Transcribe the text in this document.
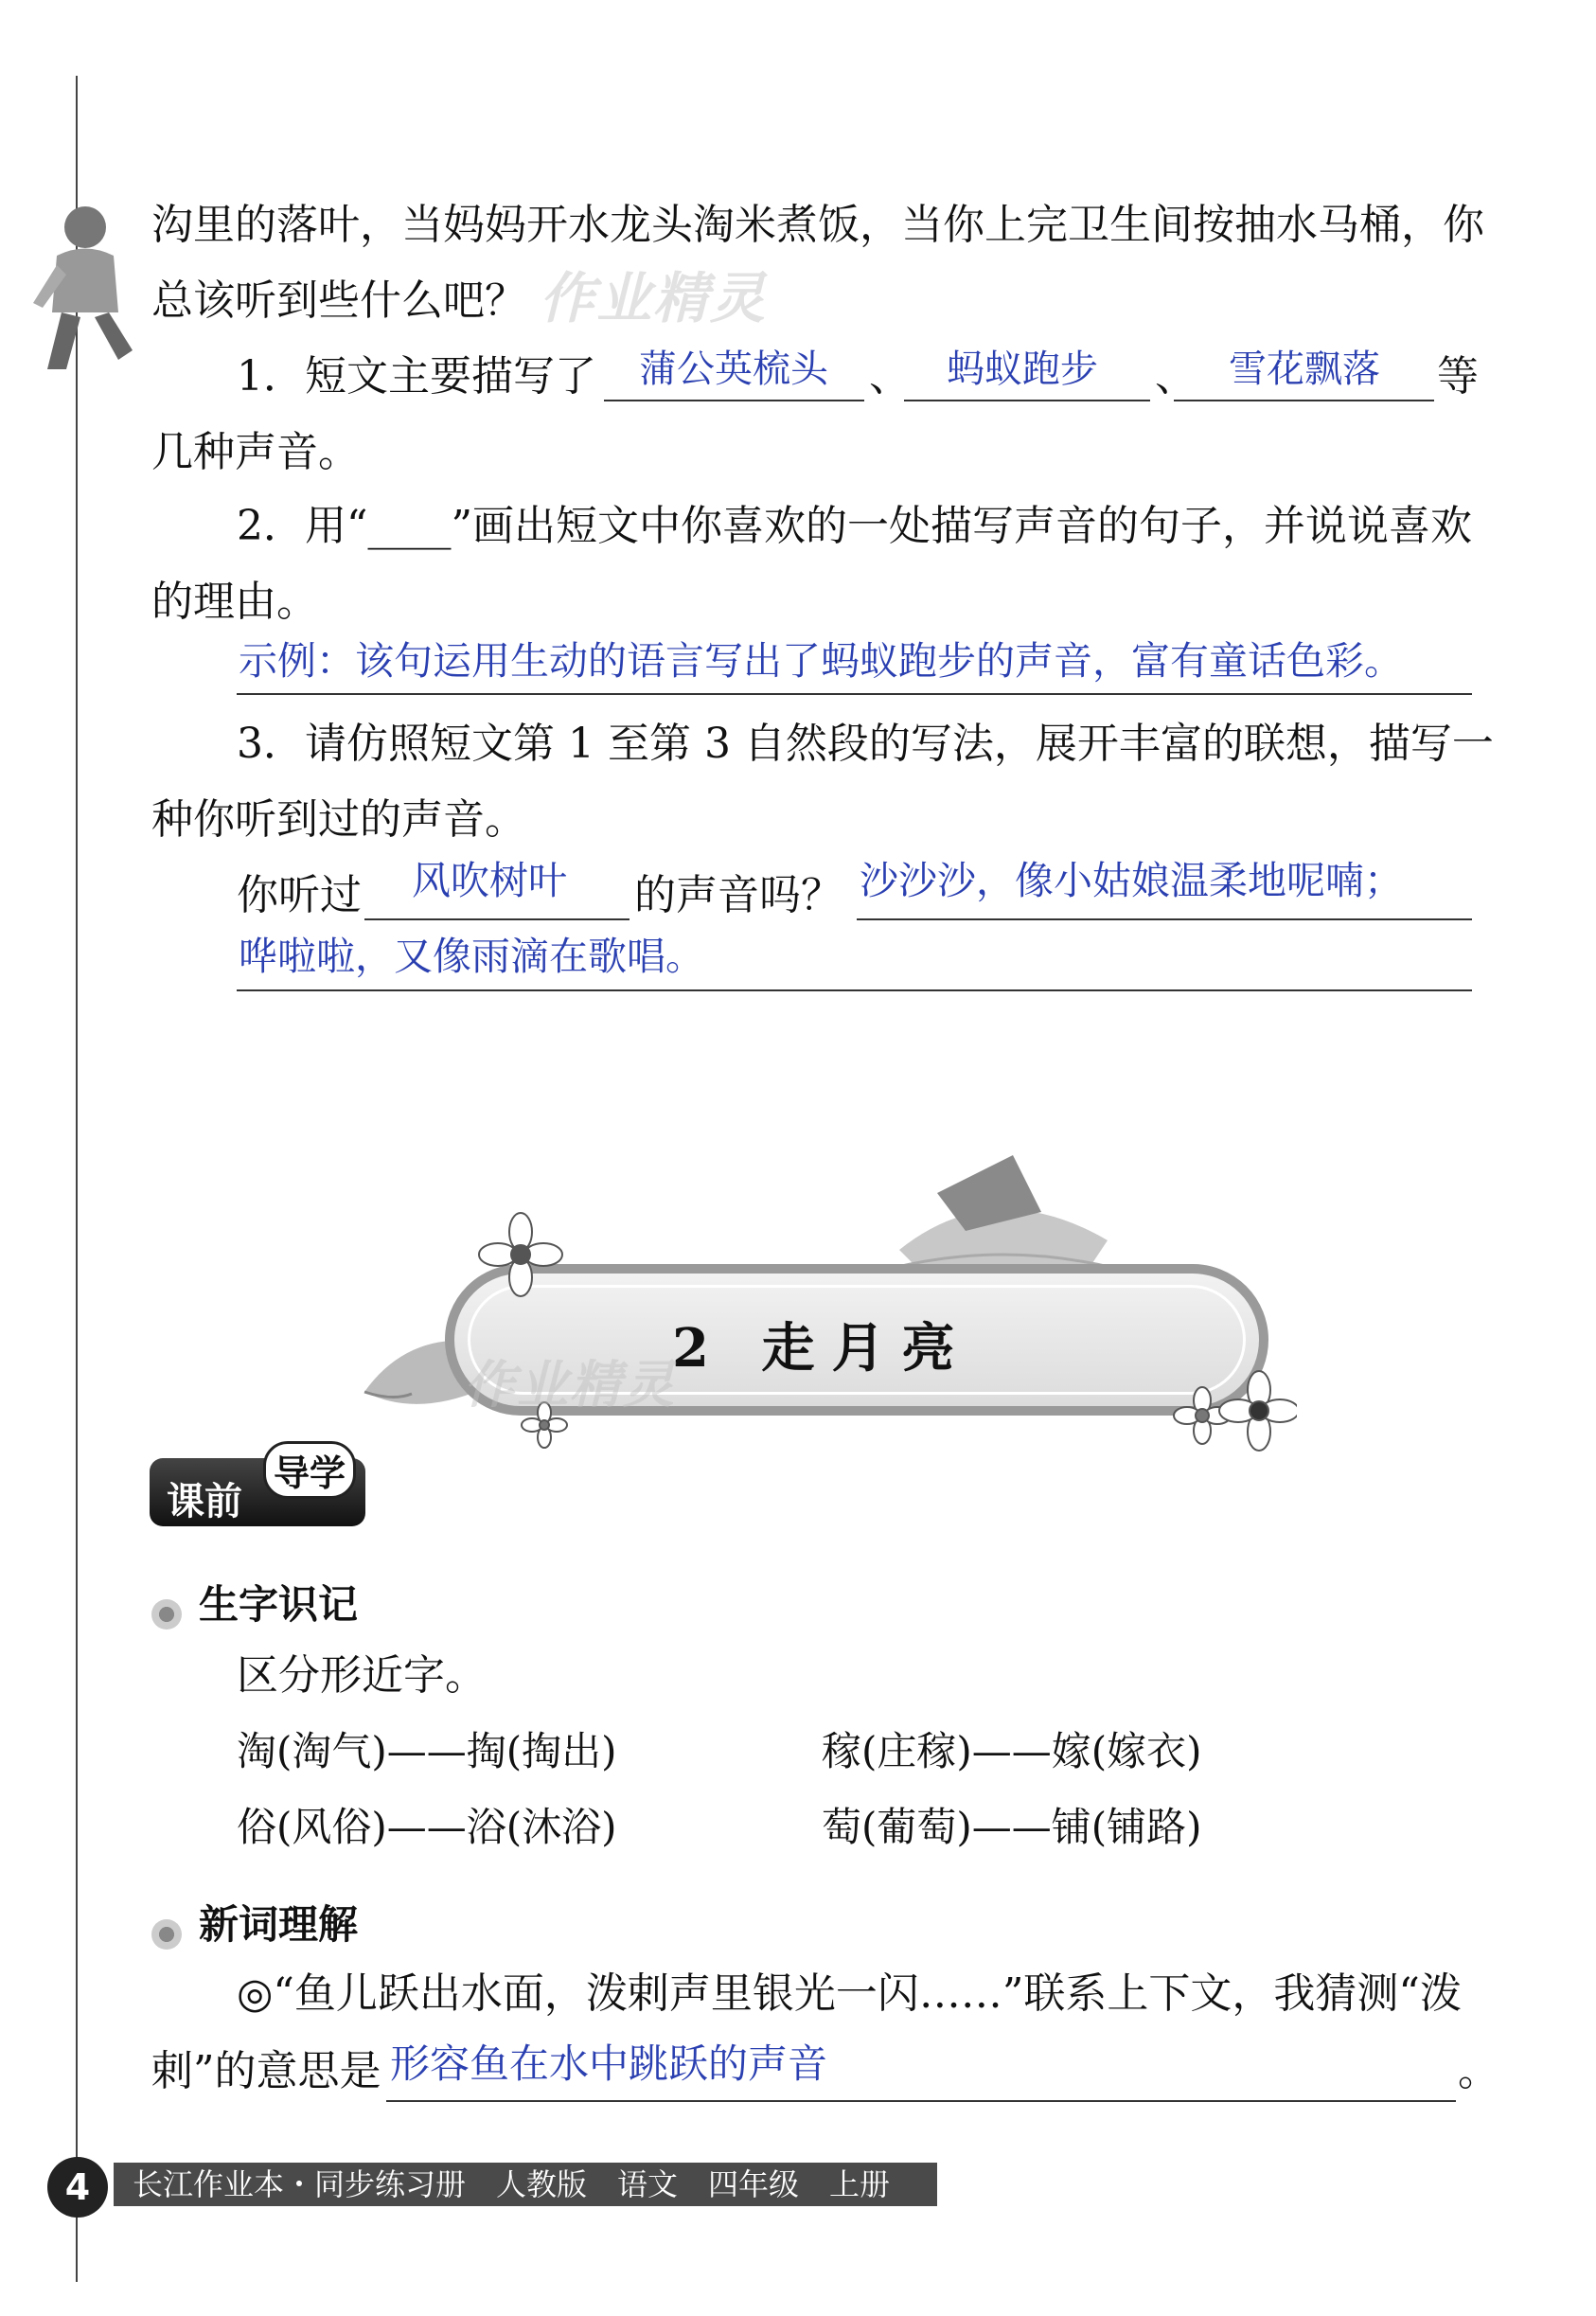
沟里的落叶，当妈妈开水龙头淘米煮饭，当你上完卫生间按抽水马桶，你
总该听到些什么吧？ 作业精灵
1．短文主要描写了 蒲公英梳头 、 蚂蚁跑步 、 雪花飘落 等
几种声音。
2．用“____”画出短文中你喜欢的一处描写声音的句子，并说说喜欢
的理由。
示例：该句运用生动的语言写出了蚂蚁跑步的声音，富有童话色彩。
3．请仿照短文第 1 至第 3 自然段的写法，展开丰富的联想，描写一
种你听到过的声音。
你听过 风吹树叶 的声音吗？ 沙沙沙，像小姑娘温柔地呢喃；
哗啦啦，又像雨滴在歌唱。
2 走月亮
作业精灵
课前
导学
生字识记
区分形近字。
淘(淘气)——掏(掏出)	稼(庄稼)——嫁(嫁衣)
俗(风俗)——浴(沐浴)	萄(葡萄)——铺(铺路)
新词理解
◎“鱼儿跃出水面，泼剌声里银光一闪……”联系上下文，我猜测“泼
剌”的意思是 形容鱼在水中跳跃的声音	。
4	长江作业本・同步练习册　人教版　语文　四年级　上册
